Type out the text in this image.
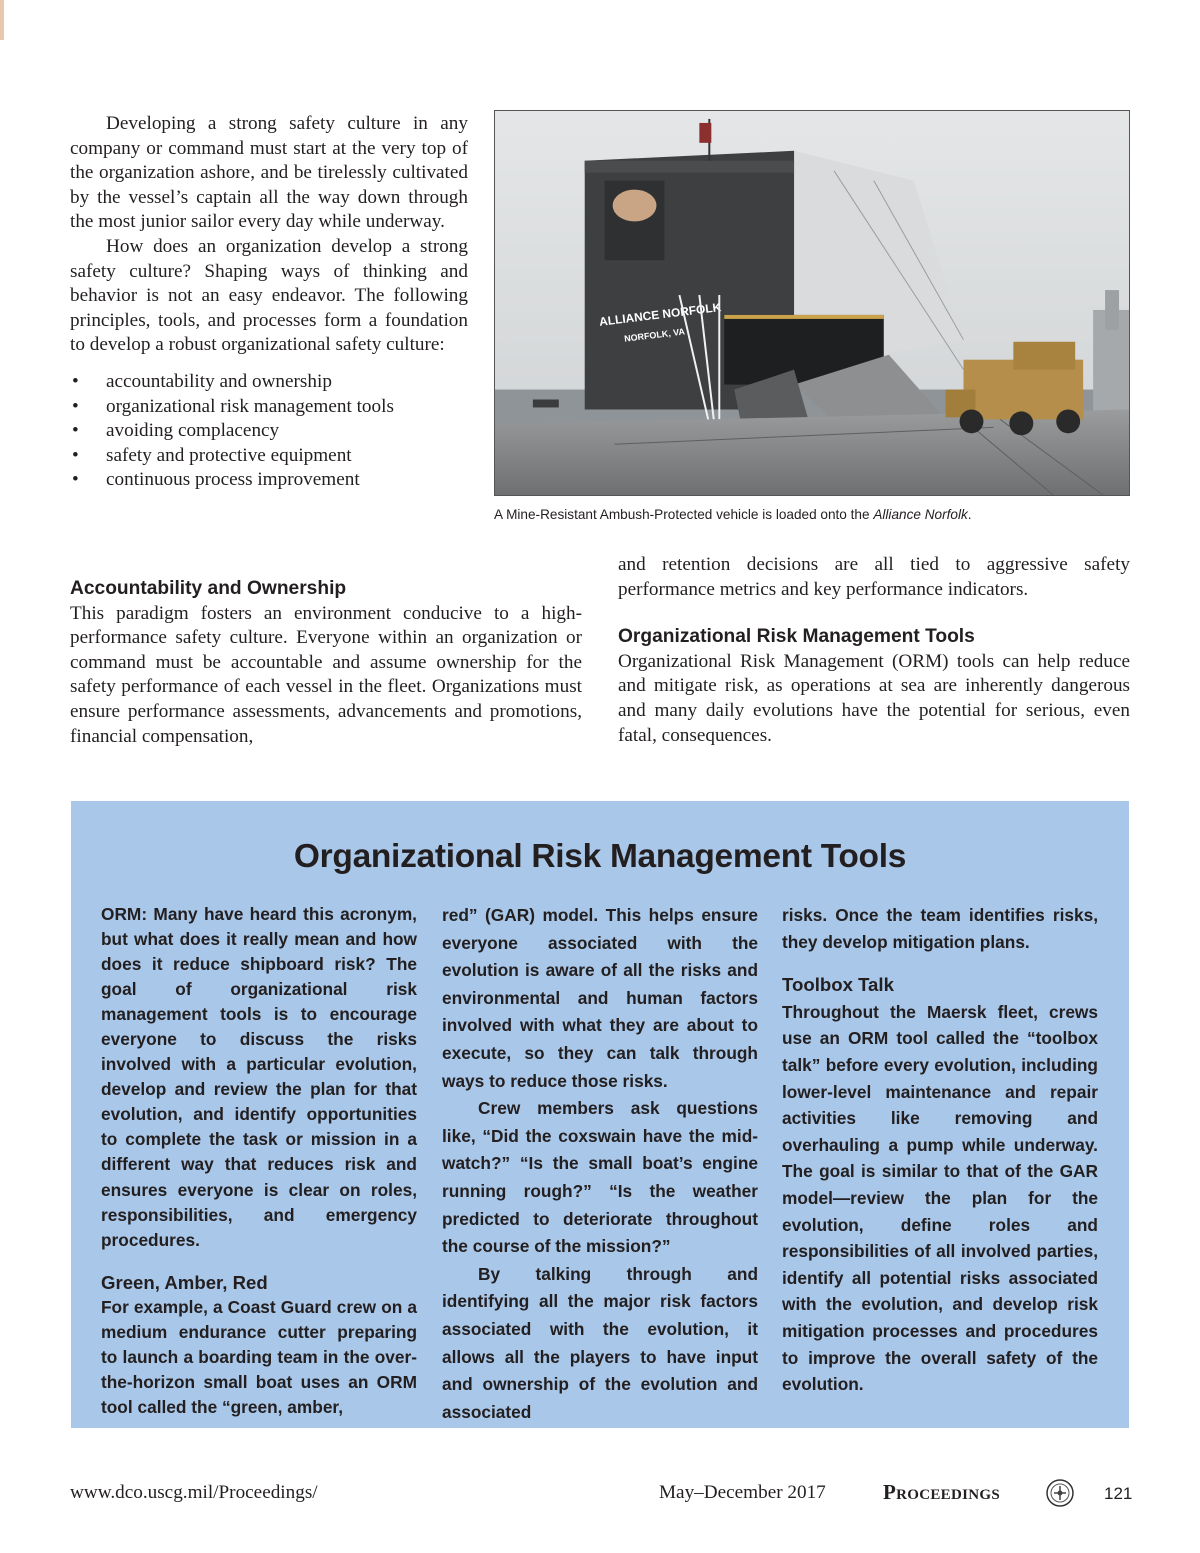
Developing a strong safety culture in any company or command must start at the very top of the organization ashore, and be tirelessly cultivated by the vessel’s captain all the way down through the most junior sailor every day while underway.

How does an organization develop a strong safety culture? Shaping ways of thinking and behavior is not an easy endeavor. The following principles, tools, and processes form a foundation to develop a robust organizational safety culture:

• accountability and ownership
• organizational risk management tools
• avoiding complacency
• safety and protective equipment
• continuous process improvement
ALLIANCE NORFOLK
NORFOLK, VA
A Mine-Resistant Ambush-Protected vehicle is loaded onto the Alliance Norfolk.
Accountability and Ownership

This paradigm fosters an environment conducive to a high-performance safety culture. Everyone within an organization or command must be accountable and assume ownership for the safety performance of each vessel in the fleet. Organizations must ensure performance assessments, advancements and promotions, financial compensation,

and retention decisions are all tied to aggressive safety performance metrics and key performance indicators.

Organizational Risk Management Tools

Organizational Risk Management (ORM) tools can help reduce and mitigate risk, as operations at sea are inherently dangerous and many daily evolutions have the potential for serious, even fatal, consequences.

Organizational Risk Management Tools

ORM: Many have heard this acronym, but what does it really mean and how does it reduce shipboard risk? The goal of organizational risk management tools is to encourage everyone to discuss the risks involved with a particular evolution, develop and review the plan for that evolution, and identify opportunities to complete the task or mission in a different way that reduces risk and ensures everyone is clear on roles, responsibilities, and emergency procedures.

Green, Amber, Red

For example, a Coast Guard crew on a medium endurance cutter preparing to launch a boarding team in the over-the-horizon small boat uses an ORM tool called the “green, amber,

red” (GAR) model. This helps ensure everyone associated with the evolution is aware of all the risks and environmental and human factors involved with what they are about to execute, so they can talk through ways to reduce those risks.

Crew members ask questions like, “Did the coxswain have the mid-watch?” “Is the small boat’s engine running rough?” “Is the weather predicted to deteriorate throughout the course of the mission?”

By talking through and identifying all the major risk factors associated with the evolution, it allows all the players to have input and ownership of the evolution and associated

risks. Once the team identifies risks, they develop mitigation plans.

Toolbox Talk

Throughout the Maersk fleet, crews use an ORM tool called the “toolbox talk” before every evolution, including lower-level maintenance and repair activities like removing and overhauling a pump while underway. The goal is similar to that of the GAR model—review the plan for the evolution, define roles and responsibilities of all involved parties, identify all potential risks associated with the evolution, and develop risk mitigation processes and procedures to improve the overall safety of the evolution.

www.dco.uscg.mil/Proceedings/	May–December 2017	Proceedings	121
